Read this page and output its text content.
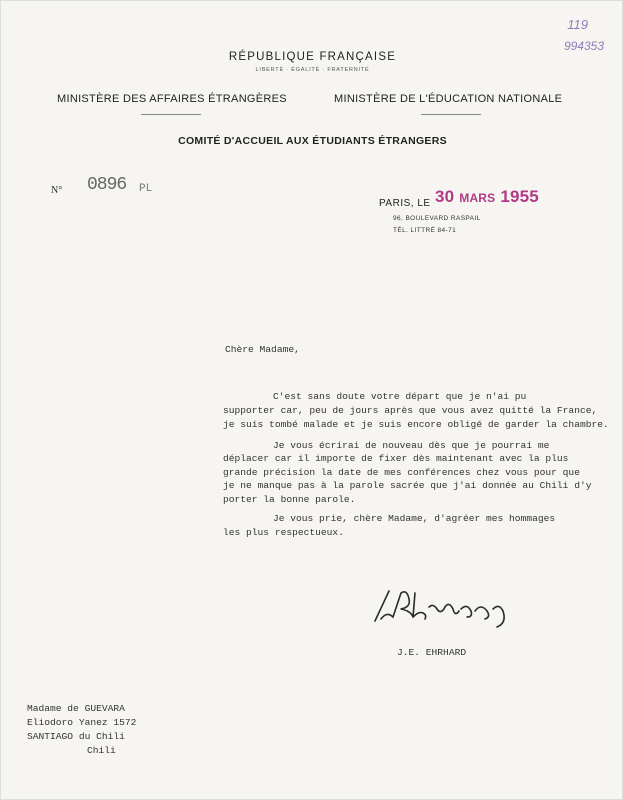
119
994353
RÉPUBLIQUE FRANÇAISE
LIBERTÉ · ÉGALITÉ · FRATERNITÉ
MINISTÈRE DES AFFAIRES ÉTRANGÈRES	MINISTÈRE DE L'ÉDUCATION NATIONALE
COMITÉ D'ACCUEIL AUX ÉTUDIANTS ÉTRANGERS
N° 0896 PL
PARIS, LE 30 MARS 1955
96, BOULEVARD RASPAIL
TÉL. LITTRÉ 84-71
Chère Madame,
C'est sans doute votre départ que je n'ai pu
supporter car, peu de jours après que vous avez quitté la France,
je suis tombé malade et je suis encore obligé de garder la chambre.
Je vous écrirai de nouveau dès que je pourrai me
déplacer car il importe de fixer dès maintenant avec la plus
grande précision la date de mes conférences chez vous pour que
je ne manque pas à la parole sacrée que j'ai donnée au Chili d'y
porter la bonne parole.
Je vous prie, chère Madame, d'agréer mes hommages
les plus respectueux.
J.E. EHRHARD
Madame de GUEVARA
Eliodoro Yanez 1572
SANTIAGO du Chili
Chili
